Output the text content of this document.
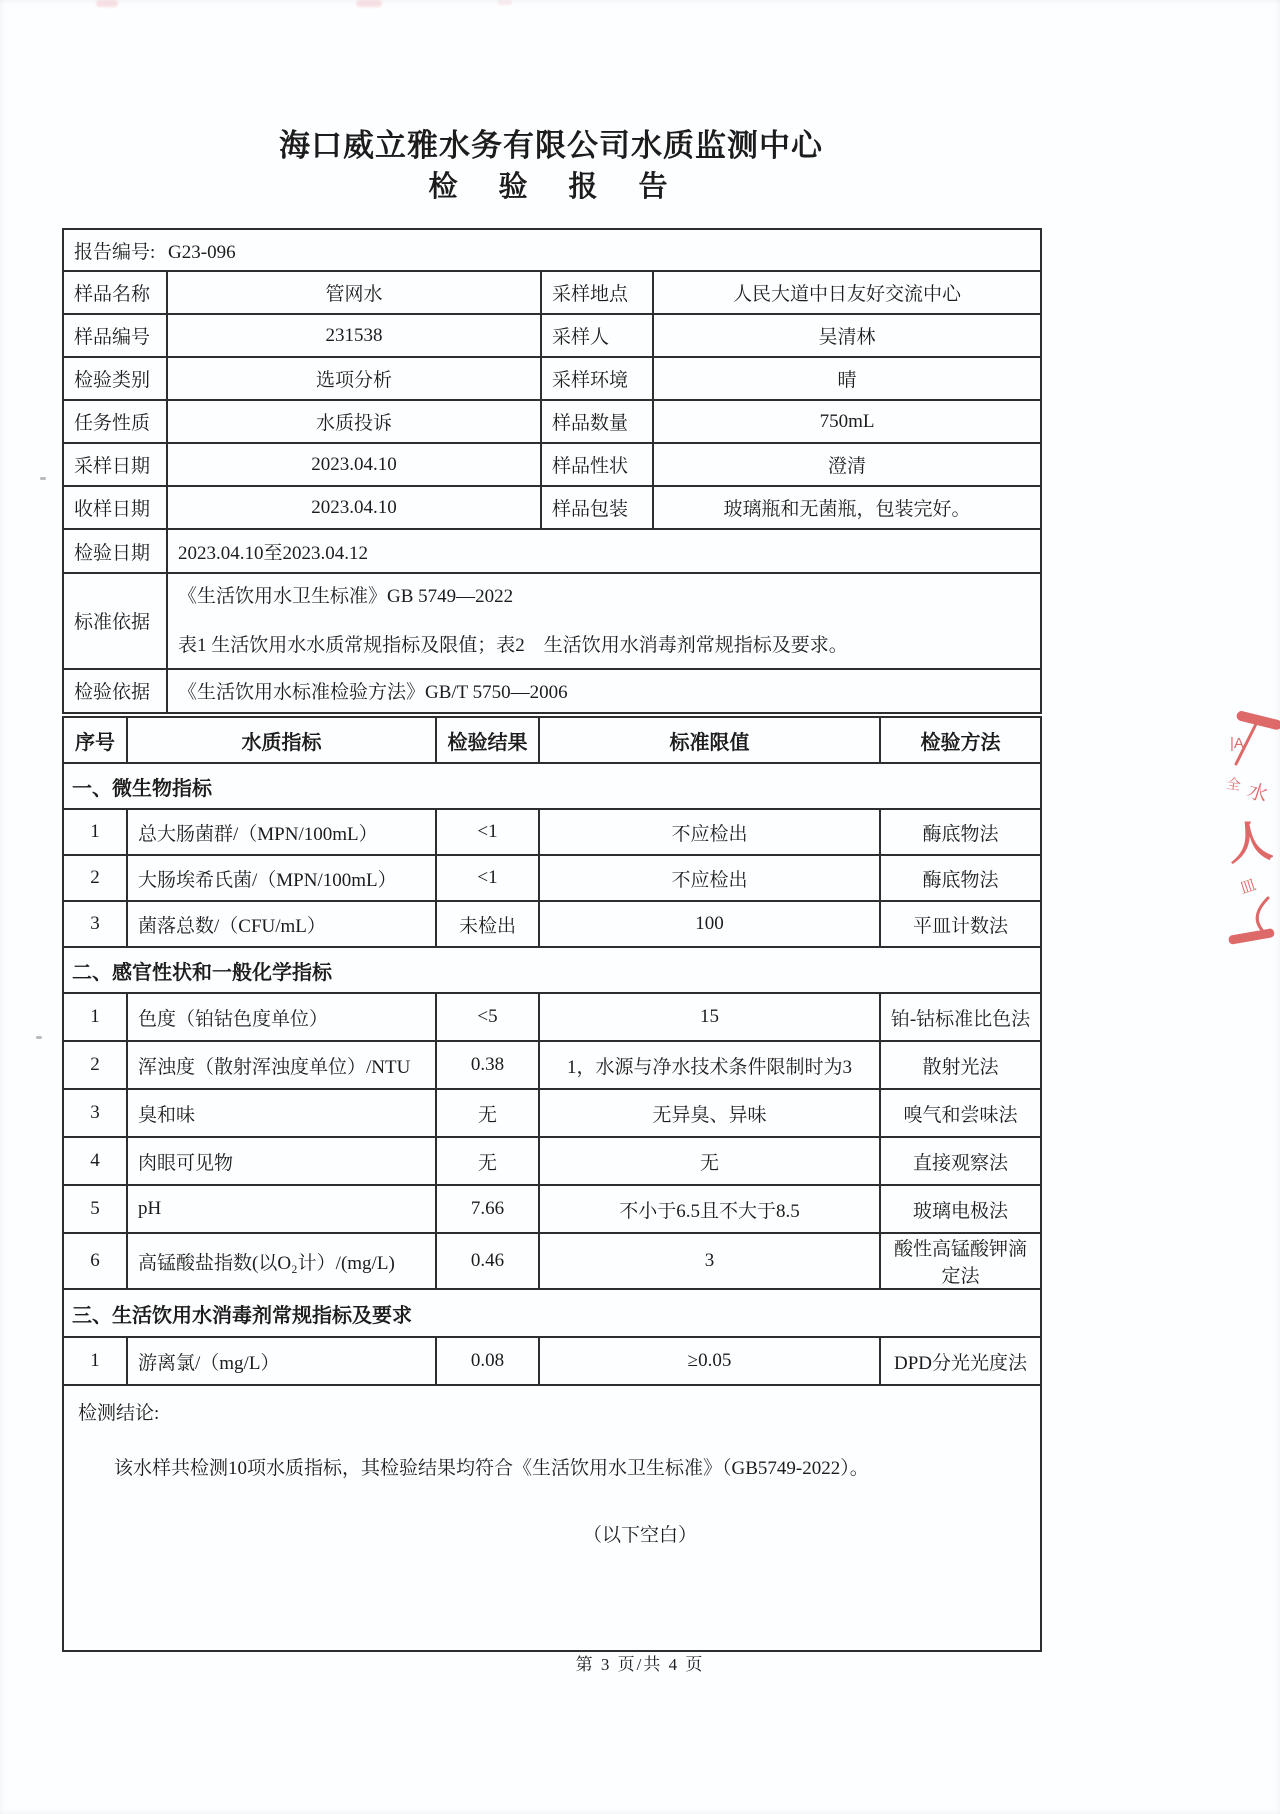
海口威立雅水务有限公司水质监测中心
检　验　报　告
报告编号: G23-096			
样品名称	管网水	采样地点	人民大道中日友好交流中心
样品编号	231538	采样人	吴清林
检验类别	选项分析	采样环境	晴
任务性质	水质投诉	样品数量	750mL
采样日期	2023.04.10	样品性状	澄清
收样日期	2023.04.10	样品包装	玻璃瓶和无菌瓶，包装完好。
检验日期	2023.04.10至2023.04.12		
标准依据	《生活饮用水卫生标准》GB 5749—2022
表1 生活饮用水水质常规指标及限值；表2　生活饮用水消毒剂常规指标及要求。		

检验依据	《生活饮用水标准检验方法》GB/T 5750—2006		
序号	水质指标	检验结果	标准限值	检验方法
一、微生物指标				
1	总大肠菌群/（MPN/100mL）	<1	不应检出	酶底物法
2	大肠埃希氏菌/（MPN/100mL）	<1	不应检出	酶底物法
3	菌落总数/（CFU/mL）	未检出	100	平皿计数法
二、感官性状和一般化学指标				
1	色度（铂钴色度单位）	<5	15	铂-钴标准比色法
2	浑浊度（散射浑浊度单位）/NTU	0.38	1，水源与净水技术条件限制时为3	散射光法
3	臭和味	无	无异臭、异味	嗅气和尝味法
4	肉眼可见物	无	无	直接观察法
5	pH	7.66	不小于6.5且不大于8.5	玻璃电极法
6	高锰酸盐指数(以O₂计）/(mg/L)	0.46	3	酸性高锰酸钾滴定法
三、生活饮用水消毒剂常规指标及要求				
1	游离氯/（mg/L）	0.08	≥0.05	DPD分光光度法

检测结论:
该水样共检测10项水质指标，其检验结果均符合《生活饮用水卫生标准》（GB5749-2022）。
（以下空白）				
第 3 页/共 4 页
|A
全 水
人
皿
